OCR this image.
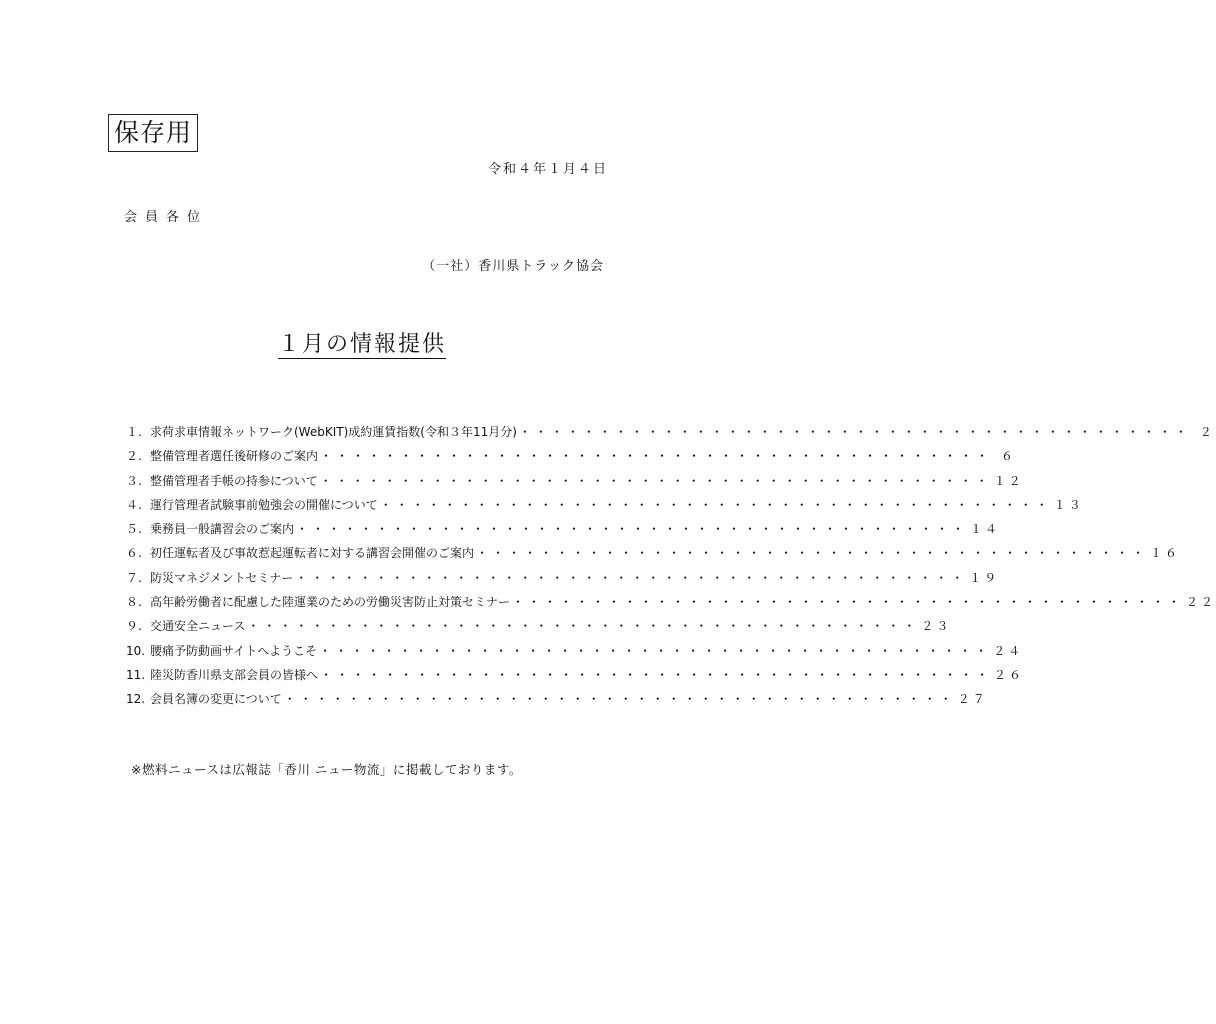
保存用
令和４年１月４日
会員各位
（一社）香川県トラック協会
１月の情報提供
１. 求荷求車情報ネットワーク(WebKIT)成約運賃指数(令和３年11月分) ・・・・・・・・・・・・・・・・・・・・・・・・・・・・・・・・・・・・・・・・・・	２
２. 整備管理者選任後研修のご案内 ・・・・・・・・・・・・・・・・・・・・・・・・・・・・・・・・・・・・・・・・・・	６
３. 整備管理者手帳の持参について ・・・・・・・・・・・・・・・・・・・・・・・・・・・・・・・・・・・・・・・・・・	１２
４. 運行管理者試験事前勉強会の開催について ・・・・・・・・・・・・・・・・・・・・・・・・・・・・・・・・・・・・・・・・・・	１３
５. 乗務員一般講習会のご案内 ・・・・・・・・・・・・・・・・・・・・・・・・・・・・・・・・・・・・・・・・・・	１４
６. 初任運転者及び事故惹起運転者に対する講習会開催のご案内 ・・・・・・・・・・・・・・・・・・・・・・・・・・・・・・・・・・・・・・・・・・	１６
７. 防災マネジメントセミナー ・・・・・・・・・・・・・・・・・・・・・・・・・・・・・・・・・・・・・・・・・・	１９
８. 高年齢労働者に配慮した陸運業のための労働災害防止対策セミナー ・・・・・・・・・・・・・・・・・・・・・・・・・・・・・・・・・・・・・・・・・・	２２
９. 交通安全ニュース ・・・・・・・・・・・・・・・・・・・・・・・・・・・・・・・・・・・・・・・・・・	２３
10. 腰痛予防動画サイトへようこそ ・・・・・・・・・・・・・・・・・・・・・・・・・・・・・・・・・・・・・・・・・・	２４
11. 陸災防香川県支部会員の皆様へ ・・・・・・・・・・・・・・・・・・・・・・・・・・・・・・・・・・・・・・・・・・	２６
12. 会員名簿の変更について ・・・・・・・・・・・・・・・・・・・・・・・・・・・・・・・・・・・・・・・・・・	２７
※燃料ニュースは広報誌「香川 ニュー物流」に掲載しております。
